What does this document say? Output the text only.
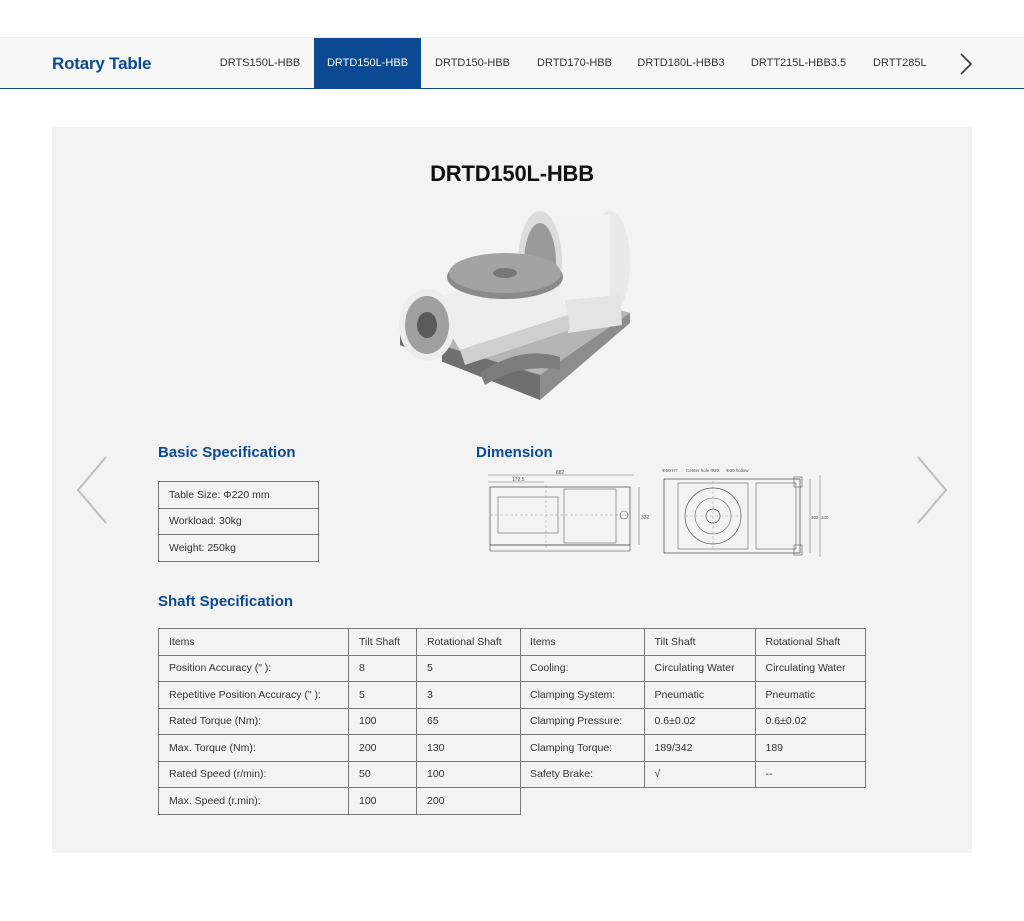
Rotary Table	DRTS150L-HBB	DRTD150L-HBB	DRTD150-HBB	DRTD170-HBB	DRTD180L-HBB3	DRTT215L-HBB3.5	DRTT285L
DRTD150L-HBB
Basic Specification
Table Size: Φ220 mm
Workload: 30kg
Weight: 250kg
Dimension
682
172.5
332
Φ50 H7 Center hole Φ20 Φ30 hollow
303 340
Shaft Specification
Items	Tilt Shaft	Rotational Shaft
Position Accuracy (" ):	8	5
Repetitive Position Accuracy (" ):	5	3
Rated Torque (Nm):	100	65
Max. Torque (Nm):	200	130
Rated Speed (r/min):	50	100
Max. Speed (r.min):	100	200
Items	Tilt Shaft	Rotational Shaft
Cooling:	Circulating Water	Circulating Water
Clamping System:	Pneumatic	Pneumatic
Clamping Pressure:	0.6±0.02	0.6±0.02
Clamping Torque:	189/342	189
Safety Brake:	√	--
